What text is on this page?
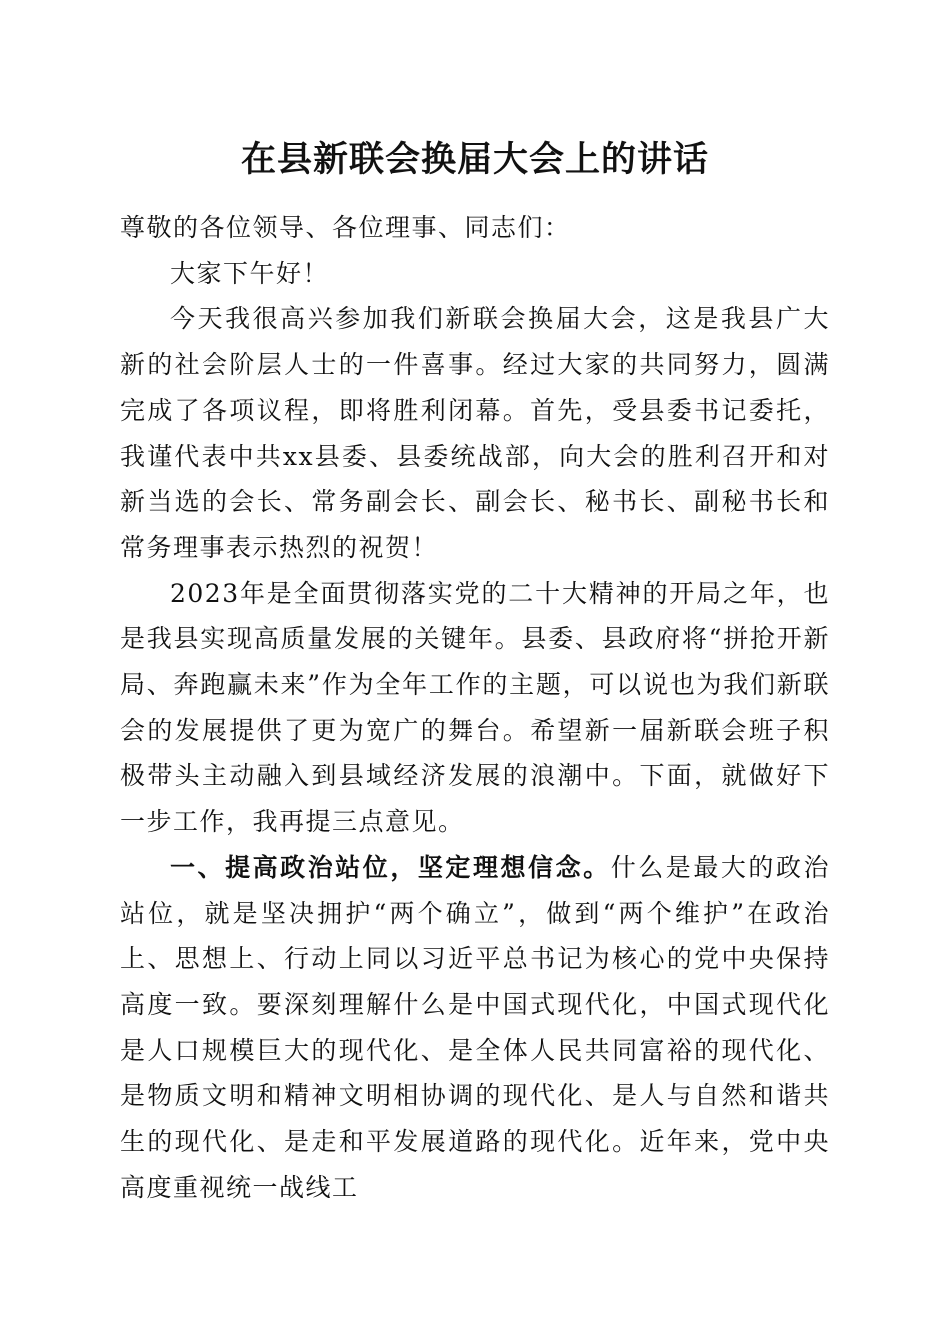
在县新联会换届大会上的讲话

尊敬的各位领导、各位理事、同志们：

大家下午好！

今天我很高兴参加我们新联会换届大会，这是我县广大新的社会阶层人士的一件喜事。经过大家的共同努力，圆满完成了各项议程，即将胜利闭幕。首先，受县委书记委托，我谨代表中共xx县委、县委统战部，向大会的胜利召开和对新当选的会长、常务副会长、副会长、秘书长、副秘书长和常务理事表示热烈的祝贺！

2023年是全面贯彻落实党的二十大精神的开局之年，也是我县实现高质量发展的关键年。县委、县政府将“拼抢开新局、奔跑赢未来”作为全年工作的主题，可以说也为我们新联会的发展提供了更为宽广的舞台。希望新一届新联会班子积极带头主动融入到县域经济发展的浪潮中。下面，就做好下一步工作，我再提三点意见。

一、提高政治站位，坚定理想信念。什么是最大的政治站位，就是坚决拥护“两个确立”，做到“两个维护”在政治上、思想上、行动上同以习近平总书记为核心的党中央保持高度一致。要深刻理解什么是中国式现代化，中国式现代化是人口规模巨大的现代化、是全体人民共同富裕的现代化、是物质文明和精神文明相协调的现代化、是人与自然和谐共生的现代化、是走和平发展道路的现代化。近年来，党中央高度重视统一战线工
